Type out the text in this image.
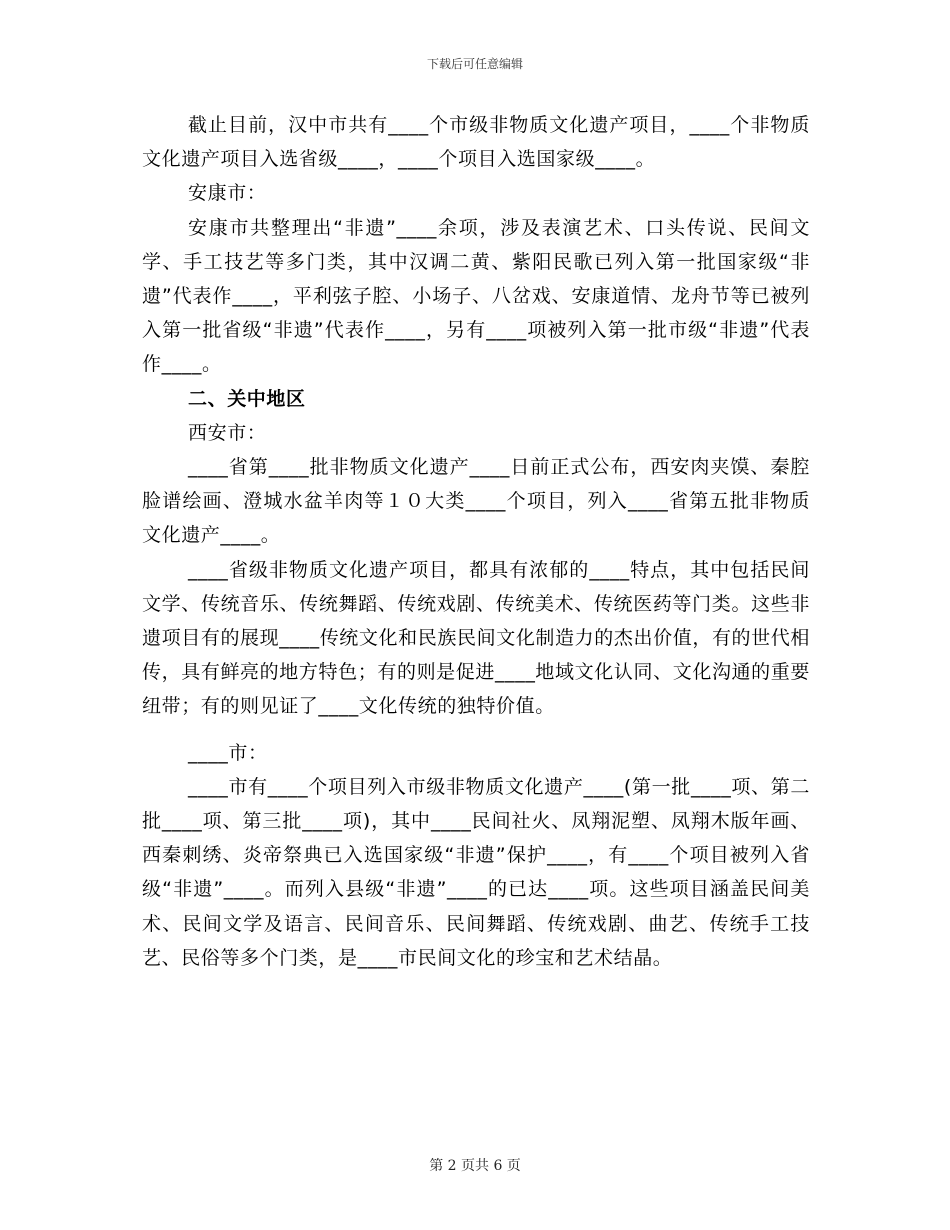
下载后可任意编辑

截止目前，汉中市共有____个市级非物质文化遗产项目，____个非物质文化遗产项目入选省级____，____个项目入选国家级____。

安康市：

安康市共整理出“非遗”____余项，涉及表演艺术、口头传说、民间文学、手工技艺等多门类，其中汉调二黄、紫阳民歌已列入第一批国家级“非遗”代表作____，平利弦子腔、小场子、八岔戏、安康道情、龙舟节等已被列入第一批省级“非遗”代表作____，另有____项被列入第一批市级“非遗”代表作____。

二、关中地区

西安市：

____省第____批非物质文化遗产____日前正式公布，西安肉夹馍、秦腔脸谱绘画、澄城水盆羊肉等１０大类____个项目，列入____省第五批非物质文化遗产____。

____省级非物质文化遗产项目，都具有浓郁的____特点，其中包括民间文学、传统音乐、传统舞蹈、传统戏剧、传统美术、传统医药等门类。这些非遗项目有的展现____传统文化和民族民间文化制造力的杰出价值，有的世代相传，具有鲜亮的地方特色；有的则是促进____地域文化认同、文化沟通的重要纽带；有的则见证了____文化传统的独特价值。

____市：

____市有____个项目列入市级非物质文化遗产____(第一批____项、第二批____项、第三批____项)，其中____民间社火、凤翔泥塑、凤翔木版年画、西秦刺绣、炎帝祭典已入选国家级“非遗”保护____，有____个项目被列入省级“非遗”____。而列入县级“非遗”____的已达____项。这些项目涵盖民间美术、民间文学及语言、民间音乐、民间舞蹈、传统戏剧、曲艺、传统手工技艺、民俗等多个门类，是____市民间文化的珍宝和艺术结晶。

第 2 页共 6 页
